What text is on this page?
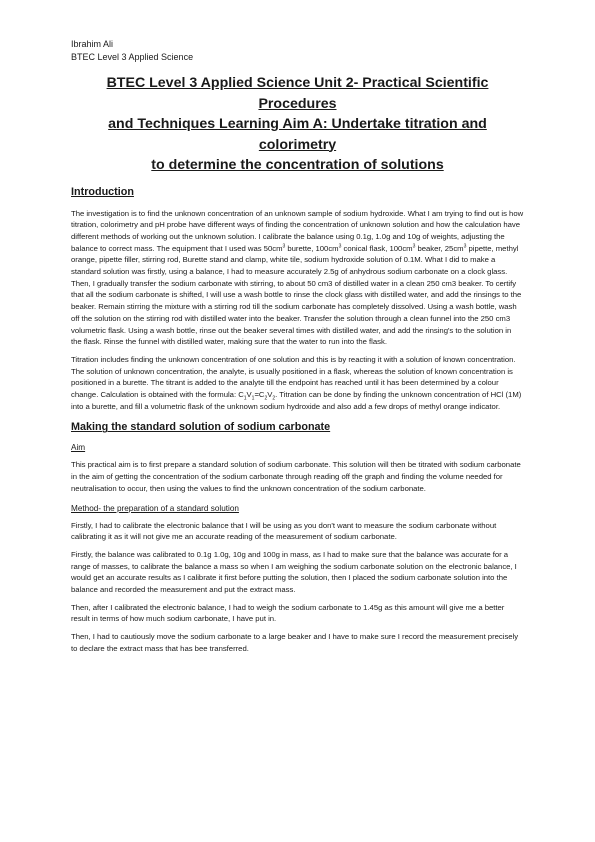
Ibrahim Ali

BTEC Level 3 Applied Science

BTEC Level 3 Applied Science Unit 2- Practical Scientific Procedures
and Techniques Learning Aim A: Undertake titration and colorimetry
to determine the concentration of solutions
Introduction

The investigation is to find the unknown concentration of an unknown sample of sodium hydroxide. What I am trying to find out is how titration, colorimetry and pH probe have different ways of finding the concentration of unknown solution and how the calculation have different methods of working out the unknown solution. I calibrate the balance using 0.1g, 1.0g and 10g of weights, adjusting the balance to correct mass. The equipment that I used was $50cm^3$ burette, $100cm^3$ conical flask, $100cm^3$ beaker, $25cm^3$ pipette, methyl orange, pipette filler, stirring rod, Burette stand and clamp, white tile, sodium hydroxide solution of 0.1M. What I did to make a standard solution was firstly, using a balance, I had to measure accurately 2.5g of anhydrous sodium carbonate on a clock glass. Then, I gradually transfer the sodium carbonate with stirring, to about 50 cm3 of distilled water in a clean 250 cm3 beaker. To certify that all the sodium carbonate is shifted, I will use a wash bottle to rinse the clock glass with distilled water, and add the rinsings to the beaker. Remain stirring the mixture with a stirring rod till the sodium carbonate has completely dissolved. Using a wash bottle, wash off the solution on the stirring rod with distilled water into the beaker. Transfer the solution through a clean funnel into the 250 cm3 volumetric flask. Using a wash bottle, rinse out the beaker several times with distilled water, and add the rinsing's to the solution in the flask. Rinse the funnel with distilled water, making sure that the water to run into the flask.

Titration includes finding the unknown concentration of one solution and this is by reacting it with a solution of known concentration. The solution of unknown concentration, the analyte, is usually positioned in a flask, whereas the solution of known concentration is positioned in a burette. The titrant is added to the analyte till the endpoint has reached until it has been determined by a colour change. Calculation is obtained with the formula: $C_1V_1=C_2V_2$. Titration can be done by finding the unknown concentration of HCl (1M) into a burette, and fill a volumetric flask of the unknown sodium hydroxide and also add a few drops of methyl orange indicator.

Making the standard solution of sodium carbonate

Aim

This practical aim is to first prepare a standard solution of sodium carbonate. This solution will then be titrated with sodium carbonate in the aim of getting the concentration of the sodium carbonate through reading off the graph and finding the volume needed for neutralisation to occur, then using the values to find the unknown concentration of the sodium carbonate.

Method- the preparation of a standard solution

Firstly, I had to calibrate the electronic balance that I will be using as you don't want to measure the sodium carbonate without calibrating it as it will not give me an accurate reading of the measurement of sodium carbonate.

Firstly, the balance was calibrated to 0.1g 1.0g, 10g and 100g in mass, as I had to make sure that the balance was accurate for a range of masses, to calibrate the balance a mass so when I am weighing the sodium carbonate solution on the electronic balance, I would get an accurate results as I calibrate it first before putting the solution, then I placed the sodium carbonate solution into the balance and recorded the measurement and put the extract mass.

Then, after I calibrated the electronic balance, I had to weigh the sodium carbonate to 1.45g as this amount will give me a better result in terms of how much sodium carbonate, I have put in.

Then, I had to cautiously move the sodium carbonate to a large beaker and I have to make sure I record the measurement precisely to declare the extract mass that has bee transferred.
